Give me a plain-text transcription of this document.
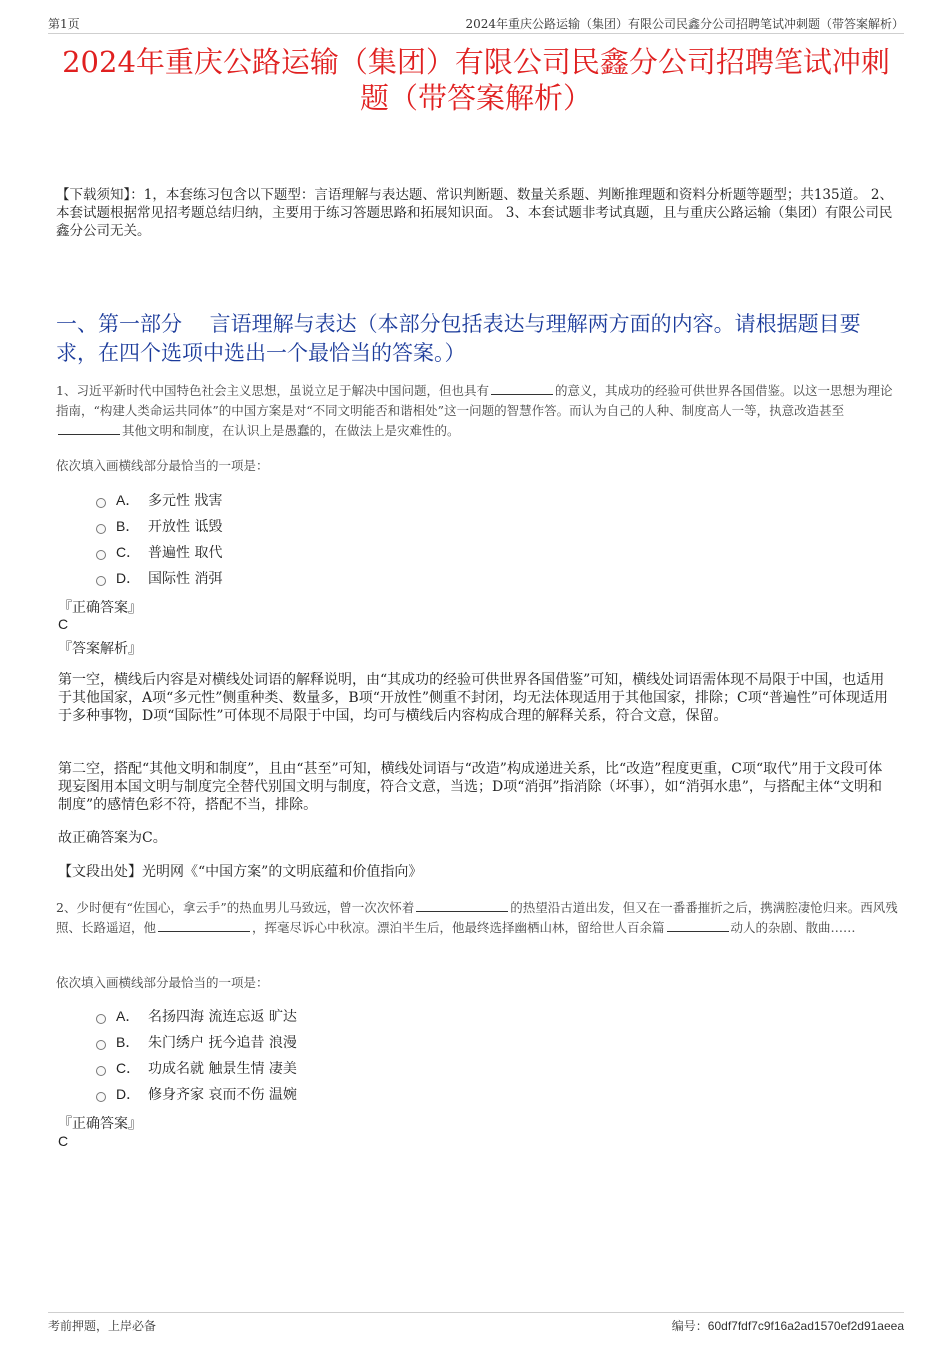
第1页	2024年重庆公路运输（集团）有限公司民鑫分公司招聘笔试冲刺题（带答案解析）
2024年重庆公路运输（集团）有限公司民鑫分公司招聘笔试冲刺题（带答案解析）

【下载须知】：1，本套练习包含以下题型：言语理解与表达题、常识判断题、数量关系题、判断推理题和资料分析题等题型；共135道。 2、本套试题根据常见招考题总结归纳，主要用于练习答题思路和拓展知识面。 3、本套试题非考试真题，且与重庆公路运输（集团）有限公司民鑫分公司无关。

一、第一部分　 言语理解与表达（本部分包括表达与理解两方面的内容。请根据题目要求，在四个选项中选出一个最恰当的答案。）

1、习近平新时代中国特色社会主义思想，虽说立足于解决中国问题，但也具有	的意义，其成功的经验可供世界各国借鉴。以这一思想为理论指南，“构建人类命运共同体”的中国方案是对“不同文明能否和谐相处”这一问题的智慧作答。而认为自己的人种、制度高人一等，执意改造甚至其他文明和制度，在认识上是愚蠢的，在做法上是灾难性的。

依次填入画横线部分最恰当的一项是：

A． 多元性 戕害
B． 开放性 诋毁
C． 普遍性 取代
D． 国际性 消弭

『正确答案』

C

『答案解析』

第一空，横线后内容是对横线处词语的解释说明，由“其成功的经验可供世界各国借鉴”可知，横线处词语需体现不局限于中国，也适用于其他国家，A项“多元性”侧重种类、数量多，B项“开放性”侧重不封闭，均无法体现适用于其他国家，排除；C项“普遍性”可体现适用于多种事物，D项“国际性”可体现不局限于中国，均可与横线后内容构成合理的解释关系，符合文意，保留。

第二空，搭配“其他文明和制度”，且由“甚至”可知，横线处词语与“改造”构成递进关系，比“改造”程度更重，C项“取代”用于文段可体现妄图用本国文明与制度完全替代别国文明与制度，符合文意，当选；D项“消弭”指消除（坏事），如“消弭水患”，与搭配主体“文明和制度”的感情色彩不符，搭配不当，排除。

故正确答案为C。

【文段出处】光明网《“中国方案”的文明底蕴和价值指向》

2、少时便有“佐国心，拿云手”的热血男儿马致远，曾一次次怀着	的热望沿古道出发，但又在一番番摧折之后，携满腔凄怆归来。西风残照、长路遥迢，他	，挥毫尽诉心中秋凉。漂泊半生后，他最终选择幽栖山林，留给世人百余篇	动人的杂剧、散曲……

依次填入画横线部分最恰当的一项是：

A． 名扬四海 流连忘返 旷达
B． 朱门绣户 抚今追昔 浪漫
C． 功成名就 触景生情 凄美
D． 修身齐家 哀而不伤 温婉

『正确答案』

C

考前押题，上岸必备	编号：60df7fdf7c9f16a2ad1570ef2d91aeea
